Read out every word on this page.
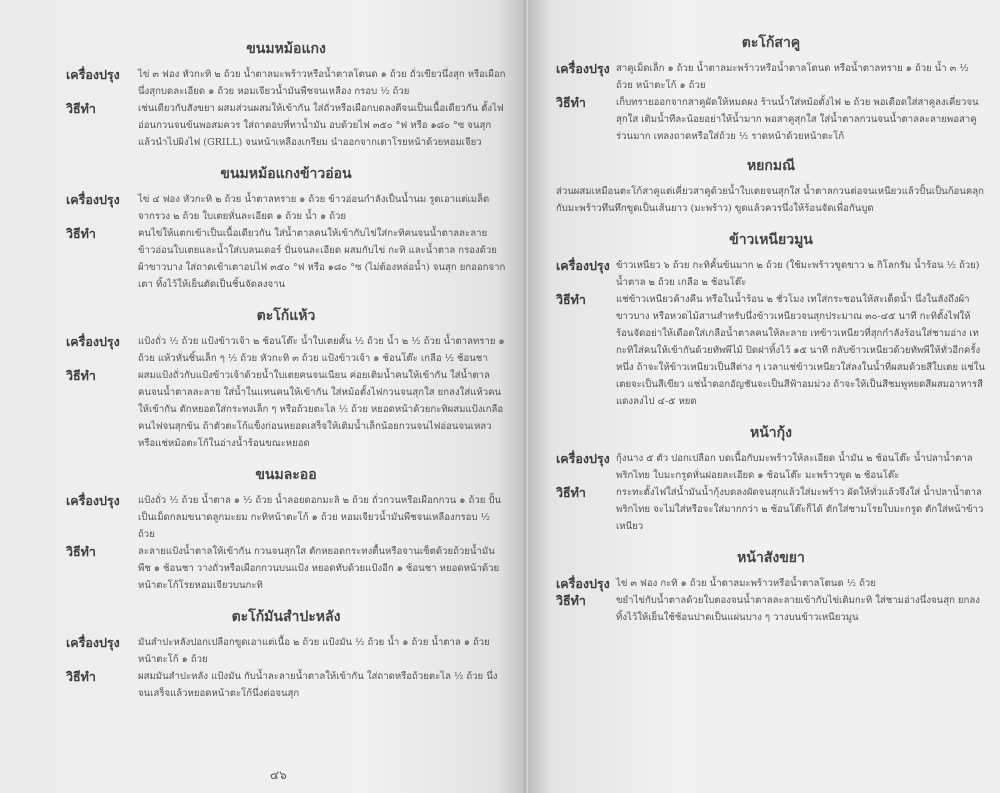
ขนมหม้อแกง
เครื่องปรุง	ไข่ ๓ ฟอง หัวกะทิ ๒ ถ้วย น้ำตาลมะพร้าวหรือน้ำตาลโตนด ๑ ถ้วย ถั่วเขียวนึ่งสุก หรือเผือกนึ่งสุกบดละเอียด ๑ ถ้วย หอมเจียวน้ำมันพืชจนเหลือง กรอบ ½ ถ้วย
วิธีทำ	เช่นเดียวกับสังขยา ผสมส่วนผสมให้เข้ากัน ใส่ถั่วหรือเผือกบดลงตีจนเป็นเนื้อเดียวกัน ตั้งไฟอ่อนกวนจนข้นพอสมควร ใส่ถาดอบที่ทาน้ำมัน อบด้วยไฟ ๓๕๐ °ฟ หรือ ๑๘๐ °ซ จนสุกแล้วนำไปผิงไฟ (GRILL) จนหน้าเหลืองเกรียม นำออกจากเตาโรยหน้าด้วยหอมเจียว
ขนมหม้อแกงข้าวอ่อน
เครื่องปรุง	ไข่ ๔ ฟอง หัวกะทิ ๒ ถ้วย น้ำตาลทราย ๑ ถ้วย ข้าวอ่อนกำลังเป็นน้ำนม รูดเอาแต่เมล็ดจากรวง ๒ ถ้วย ใบเตยหั่นละเอียด ๑ ถ้วย น้ำ ๑ ถ้วย
วิธีทำ	คนไข่ให้แตกเข้าเป็นเนื้อเดียวกัน ใส่น้ำตาลคนให้เข้ากับไข่ใส่กะทิคนจนน้ำตาลละลาย ข้าวอ่อนใบเตยและน้ำใส่เบลนเดอร์ ปั่นจนละเอียด ผสมกับไข่ กะทิ และน้ำตาล กรองด้วยผ้าขาวบาง ใส่ถาดเข้าเตาอบไฟ ๓๕๐ °ฟ หรือ ๑๘๐ °ซ (ไม่ต้องหล่อน้ำ) จนสุก ยกออกจากเตา ทิ้งไว้ให้เย็นตัดเป็นชิ้นจัดลงจาน
ตะโก้แห้ว
เครื่องปรุง	แป้งถั่ว ½ ถ้วย แป้งข้าวเจ้า ๒ ช้อนโต๊ะ น้ำใบเตยคั้น ½ ถ้วย น้ำ ๒ ½ ถ้วย น้ำตาลทราย ๑ ถ้วย แห้วหั่นชิ้นเล็ก ๆ ½ ถ้วย หัวกะทิ ๓ ถ้วย แป้งข้าวเจ้า ๑ ช้อนโต๊ะ เกลือ ½ ช้อนชา
วิธีทำ	ผสมแป้งถั่วกับแป้งข้าวเจ้าด้วยน้ำใบเตยคนจนเนียน ค่อยเติมน้ำคนให้เข้ากัน ใส่น้ำตาลคนจนน้ำตาลละลาย ใส่น้ำในแทนคนให้เข้ากัน ใส่หม้อตั้งไฟกวนจนสุกใส ยกลงใส่แห้วคนให้เข้ากัน ตักหยอดใส่กระทงเล็ก ๆ หรือถ้วยตะไล ½ ถ้วย หยอดหน้าด้วยกะทิผสมแป้งเกลือคนไฟจนสุกข้น ถ้าตัวตะโก้แข็งก่อนหยอดเสร็จให้เติมน้ำเล็กน้อยกวนจนไฟอ่อนจนเหลว หรือแช่หม้อตะโก้ในอ่างน้ำร้อนขณะหยอด
ขนมละออ
เครื่องปรุง	แป้งถั่ว ½ ถ้วย น้ำตาล ๑ ½ ถ้วย น้ำลอยดอกมะลิ ๒ ถ้วย ถั่วกวนหรือเผือกกวน ๑ ถ้วย ปั้นเป็นเม็ดกลมขนาดลูกมะยม กะทิหน้าตะโก้ ๑ ถ้วย หอมเจียวน้ำมันพืชจนเหลืองกรอบ ½ ถ้วย
วิธีทำ	ละลายแป้งน้ำตาลให้เข้ากัน กวนจนสุกใส ตักหยอดกระทงตื้นหรือจานเซ็ตด้วยถ้วยน้ำมันพืช ๑ ช้อนชา วางถั่วหรือเผือกกวนบนแป้ง หยอดทับด้วยแป้งอีก ๑ ช้อนชา หยอดหน้าด้วยหน้าตะโก้โรยหอมเจียวบนกะทิ
ตะโก้มันสำปะหลัง
เครื่องปรุง	มันสำปะหลังปอกเปลือกขูดเอาแต่เนื้อ ๒ ถ้วย แป้งมัน ½ ถ้วย น้ำ ๑ ถ้วย น้ำตาล ๑ ถ้วย หน้าตะโก้ ๑ ถ้วย
วิธีทำ	ผสมมันสำปะหลัง แป้งมัน กับน้ำละลายน้ำตาลให้เข้ากัน ใส่ถาดหรือถ้วยตะไล ½ ถ้วย นึ่งจนเสร็จแล้วหยอดหน้าตะโก้นึ่งต่อจนสุก
๔๖
ตะโก้สาคู
เครื่องปรุง สาคูเม็ดเล็ก ๑ ถ้วย น้ำตาลมะพร้าวหรือน้ำตาลโตนด หรือน้ำตาลทราย ๑ ถ้วย น้ำ ๓ ½ ถ้วย หน้าตะโก้ ๑ ถ้วย
วิธีทำ	เก็บทรายออกจากสาคูผัดให้หมดผง ร้านน้ำใส่หม้อตั้งไฟ ๒ ถ้วย พอเดือดใส่สาคูลงเคี่ยวจนสุกใส เติมน้ำทีละน้อยอย่าให้น้ำมาก พอสาคูสุกใส ใส่น้ำตาลกวนจนน้ำตาลละลายพอสาคูร่วนมาก เทลงถาดหรือใส่ถ้วย ½ ราดหน้าด้วยหน้าตะโก้
หยกมณี
ส่วนผสมเหมือนตะโก้สาคูแต่เคี่ยวสาคูด้วยน้ำใบเตยจนสุกใส น้ำตาลกวนต่อจนเหนียวแล้วปั้นเป็นก้อนคลุกกับมะพร้าวทึนทึกขูดเป็นเส้นยาว (มะพร้าว) ขูดแล้วควรนึ่งให้ร้อนจัดเพื่อกันบูด
ข้าวเหนียวมูน
เครื่องปรุง ข้าวเหนียว ๖ ถ้วย กะทิคั้นข้นมาก ๒ ถ้วย (ใช้มะพร้าวขูดขาว ๒ กิโลกรัม น้ำร้อน ½ ถ้วย) น้ำตาล ๒ ถ้วย เกลือ ๒ ช้อนโต๊ะ
วิธีทำ	แช่ข้าวเหนียวค้างคืน หรือในน้ำร้อน ๒ ชั่วโมง เทใส่กระชอนให้สะเด็ดน้ำ นึ่งในลังถึงผ้าขาวบาง หรือหวดไม้สานสำหรับนึ่งข้าวเหนียวจนสุกประมาณ ๓๐-๔๕ นาที กะทิตั้งไฟให้ร้อนจัดอย่าให้เดือดใส่เกลือน้ำตาลคนให้ละลาย เทข้าวเหนียวที่สุกกำลังร้อนใส่ชามอ่าง เทกะทิใส่คนให้เข้ากันด้วยทัพพีไม้ ปิดฝาทิ้งไว้ ๑๕ นาที กลับข้าวเหนียวด้วยทัพพีให้ทั่วอีกครั้งหนึ่ง ถ้าจะให้ข้าวเหนียวเป็นสีต่าง ๆ เวลาแช่ข้าวเหนียวใส่ลงในน้ำที่ผสมด้วยสีใบเตย แช่ในเตยจะเป็นสีเขียว แช่น้ำดอกอัญชันจะเป็นสีฟ้าอมม่วง ถ้าจะให้เป็นสีชมพูหยดสีผสมอาหารสีแดงลงไป ๔-๕ หยด
หน้ากุ้ง
เครื่องปรุง กุ้งนาง ๕ ตัว ปอกเปลือก บดเนื้อกับมะพร้าวให้ละเอียด น้ำมัน ๒ ช้อนโต๊ะ น้ำปลาน้ำตาลพริกไทย ใบมะกรูดหั่นฝอยละเอียด ๑ ช้อนโต๊ะ มะพร้าวขูด ๒ ช้อนโต๊ะ
วิธีทำ	กระทะตั้งไฟใส่น้ำมันน้ำกุ้งบดลงผัดจนสุกแล้วใส่มะพร้าว ผัดให้ทั่วแล้วจึงใส่ น้ำปลาน้ำตาลพริกไทย จะไม่ใส่หรือจะใส่มากกว่า ๒ ช้อนโต๊ะก็ได้ ตักใส่ชามโรยใบมะกรูด ตักใส่หน้าข้าวเหนียว
หน้าสังขยา
เครื่องปรุง ไข่ ๓ ฟอง กะทิ ๑ ถ้วย น้ำตาลมะพร้าวหรือน้ำตาลโตนด ½ ถ้วย
วิธีทำ	ขยำไข่กับน้ำตาลด้วยใบตองจนน้ำตาลละลายเข้ากับไข่เติมกะทิ ใส่ชามอ่างนึ่งจนสุก ยกลงทิ้งไว้ให้เย็นใช้ช้อนปาดเป็นแผ่นบาง ๆ วางบนข้าวเหนียวมูน
